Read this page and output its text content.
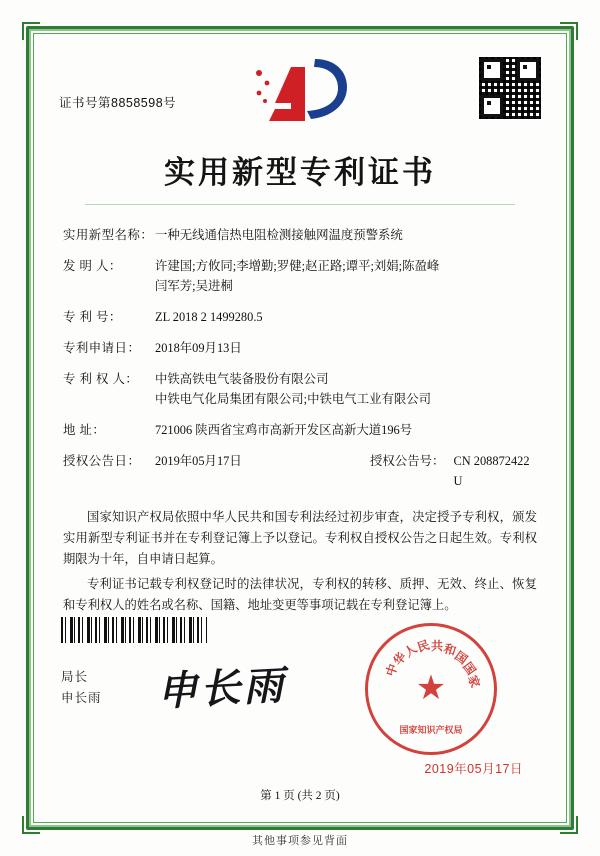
证书号第8858598号
实用新型专利证书
实用新型名称： 一种无线通信热电阻检测接触网温度预警系统
发 明 人：	许建国;方攸同;李增勤;罗健;赵正路;谭平;刘娟;陈盈峰
闫军芳;吴进桐
专 利 号：	ZL 2018 2 1499280.5
专利申请日：	2018年09月13日
专 利 权 人：	中铁高铁电气装备股份有限公司
中铁电气化局集团有限公司;中铁电气工业有限公司
地 址：	721006 陕西省宝鸡市高新开发区高新大道196号
授权公告日：	2019年05月17日	授权公告号： CN 208872422 U

国家知识产权局依照中华人民共和国专利法经过初步审查，决定授予专利权，颁发实用新型专利证书并在专利登记簿上予以登记。专利权自授权公告之日起生效。专利权期限为十年，自申请日起算。

专利证书记载专利权登记时的法律状况，专利权的转移、质押、无效、终止、恢复和专利权人的姓名或名称、国籍、地址变更等事项记载在专利登记簿上。

局长
申长雨 申长雨	中
华
人
民 共 和
国
国
家
★
国家知识产权局
2019年05月17日
第 1 页 (共 2 页)
其他事项参见背面
